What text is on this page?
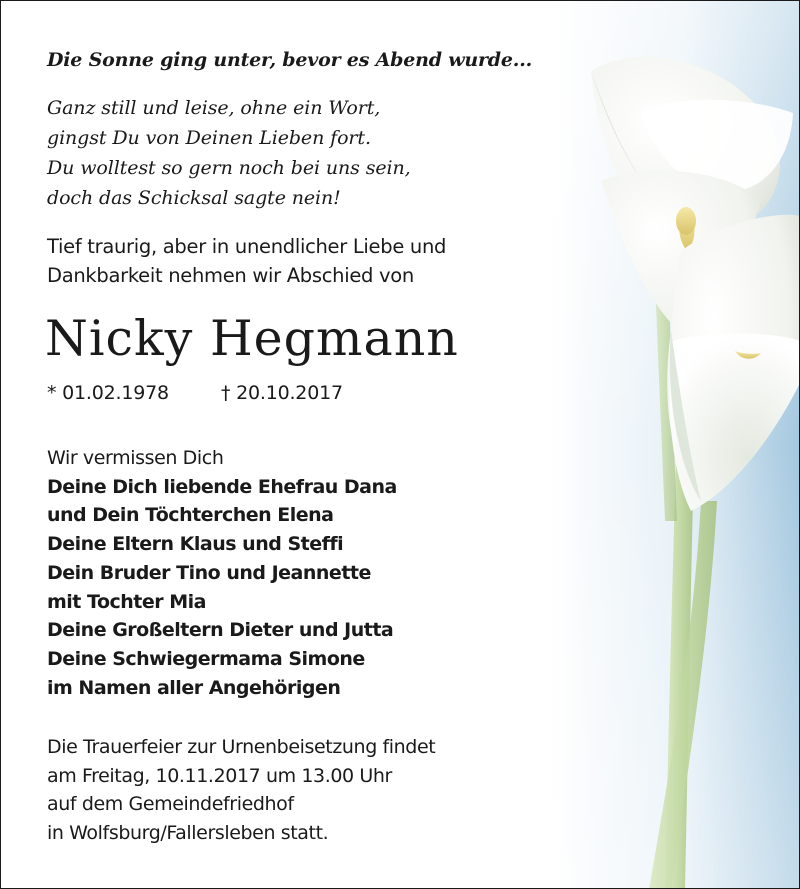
Die Sonne ging unter, bevor es Abend wurde...
Ganz still und leise, ohne ein Wort,
gingst Du von Deinen Lieben fort.
Du wolltest so gern noch bei uns sein,
doch das Schicksal sagte nein!
Tief traurig, aber in unendlicher Liebe und
Dankbarkeit nehmen wir Abschied von
Nicky Hegmann
* 01.02.1978	† 20.10.2017
Wir vermissen Dich
Deine Dich liebende Ehefrau Dana
und Dein Töchterchen Elena
Deine Eltern Klaus und Steffi
Dein Bruder Tino und Jeannette
mit Tochter Mia
Deine Großeltern Dieter und Jutta
Deine Schwiegermama Simone
im Namen aller Angehörigen
Die Trauerfeier zur Urnenbeisetzung findet
am Freitag, 10.11.2017 um 13.00 Uhr
auf dem Gemeindefriedhof
in Wolfsburg/Fallersleben statt.
